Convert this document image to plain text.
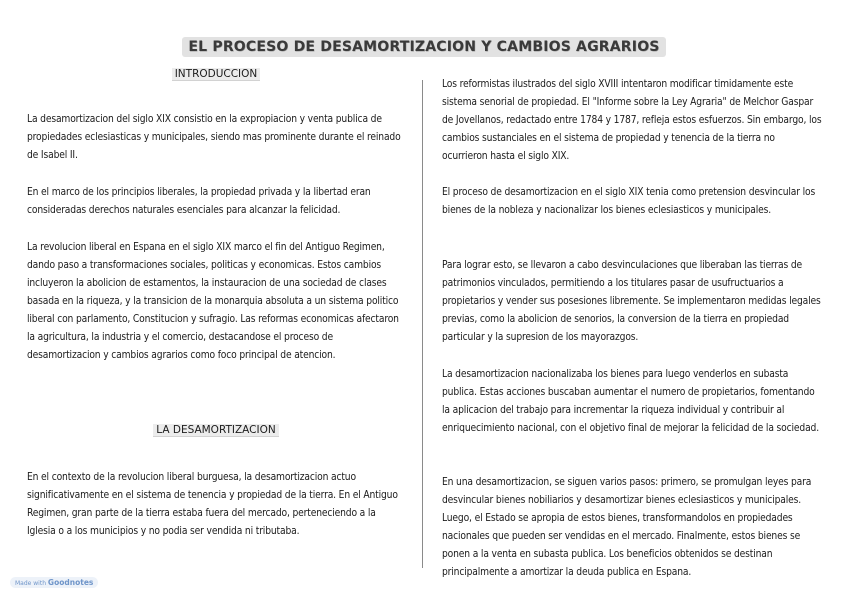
EL PROCESO DE DESAMORTIZACION Y CAMBIOS AGRARIOS
INTRODUCCION

La desamortizacion del siglo XIX consistio en la expropiacion y venta publica de propiedades eclesiasticas y municipales, siendo mas prominente durante el reinado de Isabel II.

En el marco de los principios liberales, la propiedad privada y la libertad eran consideradas derechos naturales esenciales para alcanzar la felicidad.

La revolucion liberal en Espana en el siglo XIX marco el fin del Antiguo Regimen, dando paso a transformaciones sociales, politicas y economicas. Estos cambios incluyeron la abolicion de estamentos, la instauracion de una sociedad de clases basada en la riqueza, y la transicion de la monarquia absoluta a un sistema politico liberal con parlamento, Constitucion y sufragio. Las reformas economicas afectaron la agricultura, la industria y el comercio, destacandose el proceso de desamortizacion y cambios agrarios como foco principal de atencion.

LA DESAMORTIZACION

En el contexto de la revolucion liberal burguesa, la desamortizacion actuo significativamente en el sistema de tenencia y propiedad de la tierra. En el Antiguo Regimen, gran parte de la tierra estaba fuera del mercado, perteneciendo a la Iglesia o a los municipios y no podia ser vendida ni tributaba.

Los reformistas ilustrados del siglo XVIII intentaron modificar timidamente este sistema senorial de propiedad. El "Informe sobre la Ley Agraria" de Melchor Gaspar de Jovellanos, redactado entre 1784 y 1787, refleja estos esfuerzos. Sin embargo, los cambios sustanciales en el sistema de propiedad y tenencia de la tierra no ocurrieron hasta el siglo XIX.

El proceso de desamortizacion en el siglo XIX tenia como pretension desvincular los bienes de la nobleza y nacionalizar los bienes eclesiasticos y municipales.

Para lograr esto, se llevaron a cabo desvinculaciones que liberaban las tierras de patrimonios vinculados, permitiendo a los titulares pasar de usufructuarios a propietarios y vender sus posesiones libremente. Se implementaron medidas legales previas, como la abolicion de senorios, la conversion de la tierra en propiedad particular y la supresion de los mayorazgos.

La desamortizacion nacionalizaba los bienes para luego venderlos en subasta publica. Estas acciones buscaban aumentar el numero de propietarios, fomentando la aplicacion del trabajo para incrementar la riqueza individual y contribuir al enriquecimiento nacional, con el objetivo final de mejorar la felicidad de la sociedad.

En una desamortizacion, se siguen varios pasos: primero, se promulgan leyes para desvincular bienes nobiliarios y desamortizar bienes eclesiasticos y municipales. Luego, el Estado se apropia de estos bienes, transformandolos en propiedades nacionales que pueden ser vendidas en el mercado. Finalmente, estos bienes se ponen a la venta en subasta publica. Los beneficios obtenidos se destinan principalmente a amortizar la deuda publica en Espana.

Made with Goodnotes
